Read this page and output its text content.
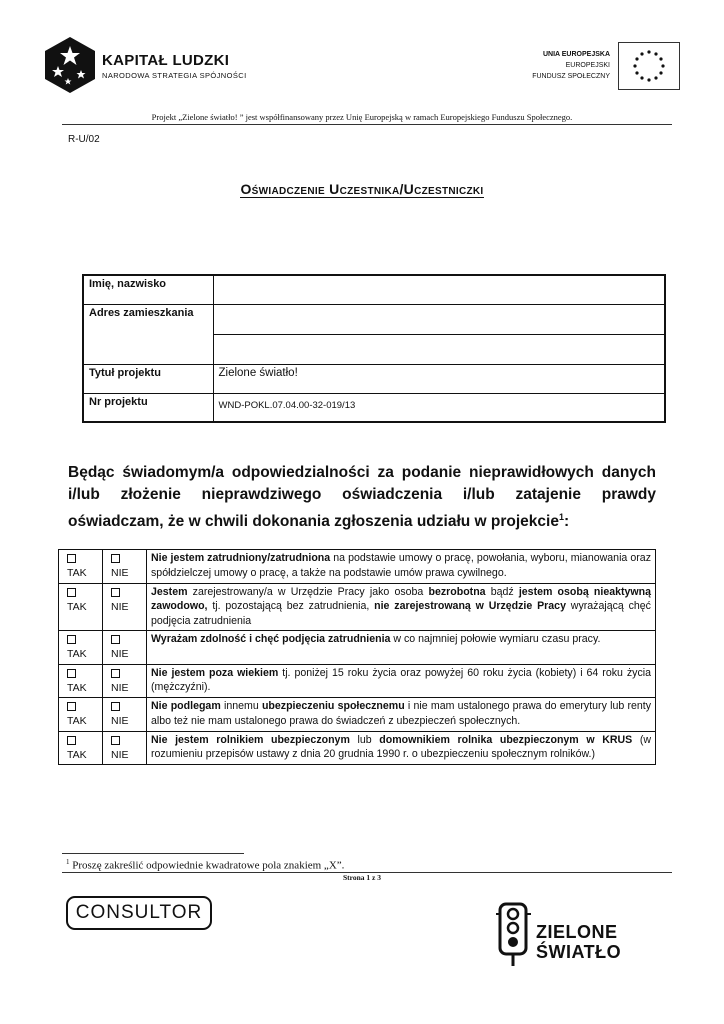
KAPITAŁ LUDZKI
NARODOWA STRATEGIA SPÓJNOŚCI
UNIA EUROPEJSKA
EUROPEJSKI
FUNDUSZ SPOŁECZNY
Projekt „Zielone światło! ” jest współfinansowany przez Unię Europejską w ramach Europejskiego Funduszu Społecznego.
R-U/02
Oświadczenie Uczestnika/Uczestniczki
Imię, nazwisko	
Adres zamieszkania	

Tytuł projektu	Zielone światło!
Nr projektu	WND-POKL.07.04.00-32-019/13
Będąc świadomym/a odpowiedzialności za podanie nieprawidłowych danych i/lub złożenie nieprawdziwego oświadczenia i/lub zatajenie prawdy oświadczam, że w chwili dokonania zgłoszenia udziału w projekcie$^1$:
TAK	NIE	Nie jestem zatrudniony/zatrudniona na podstawie umowy o pracę, powołania, wyboru, mianowania oraz spółdzielczej umowy o pracę, a także na podstawie umów prawa cywilnego.

TAK	NIE	Jestem zarejestrowany/a w Urzędzie Pracy jako osoba bezrobotna bądź jestem osobą nieaktywną zawodowo, tj. pozostającą bez zatrudnienia, nie zarejestrowaną w Urzędzie Pracy wyrażającą chęć podjęcia zatrudnienia

TAK	NIE	Wyrażam zdolność i chęć podjęcia zatrudnienia w co najmniej połowie wymiaru czasu pracy.

TAK	NIE	Nie jestem poza wiekiem tj. poniżej 15 roku życia oraz powyżej 60 roku życia (kobiety) i 64 roku życia (mężczyźni).

TAK	NIE	Nie podlegam innemu ubezpieczeniu społecznemu i nie mam ustalonego prawa do emerytury lub renty albo też nie mam ustalonego prawa do świadczeń z ubezpieczeń społecznych.

TAK	NIE	Nie jestem rolnikiem ubezpieczonym lub domownikiem rolnika ubezpieczonym w KRUS (w rozumieniu przepisów ustawy z dnia 20 grudnia 1990 r. o ubezpieczeniu społecznym rolników.)
$^1$ Proszę zakreślić odpowiednie kwadratowe pola znakiem „X”.
Strona 1 z 3
CONSULTOR
ZIELONE
ŚWIATŁO
